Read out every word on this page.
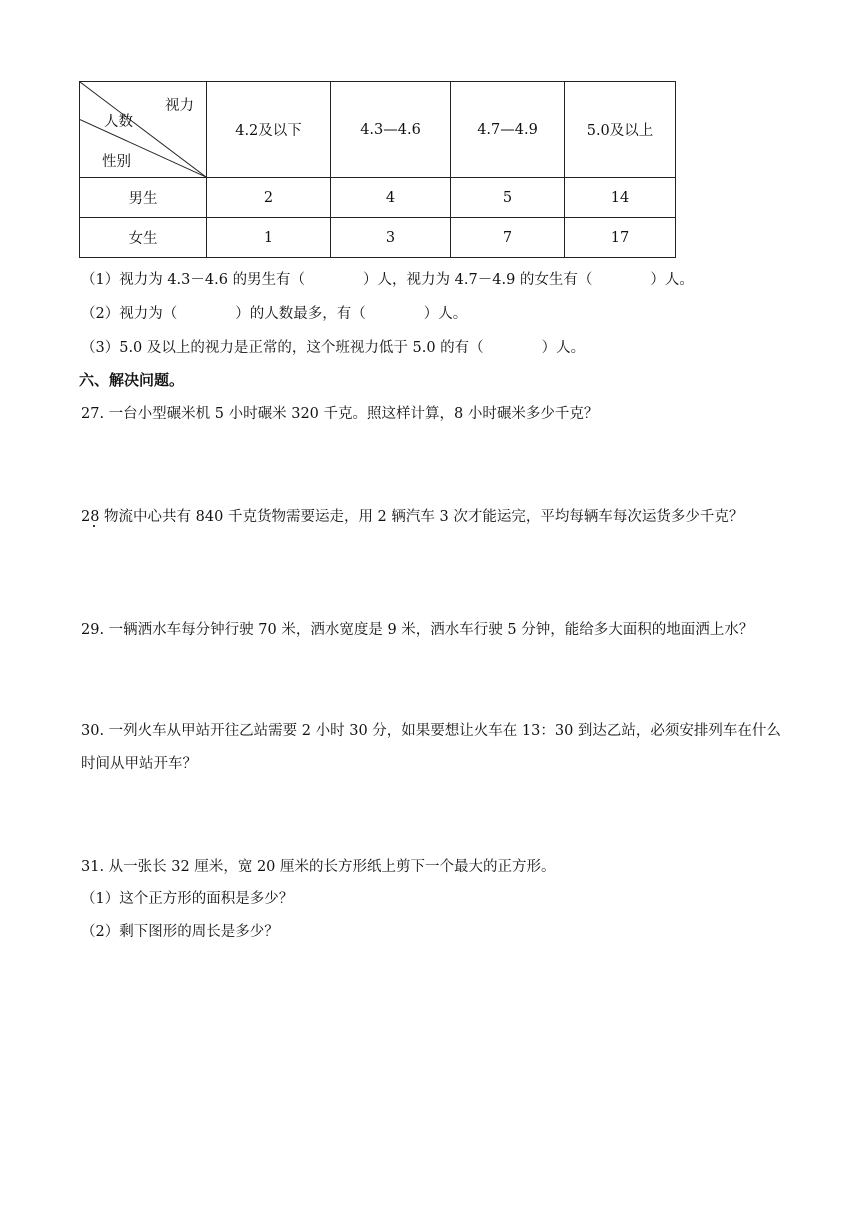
视力
人数
性别	4.2及以下	4.3—4.6	4.7—4.9	5.0及以上
男生	2	4	5	14
女生	1	3	7	17
（1）视力为 4.3－4.6 的男生有（　　　　）人，视力为 4.7－4.9 的女生有（　　　　）人。
（2）视力为（　　　　）的人数最多，有（　　　　）人。
（3）5.0 及以上的视力是正常的，这个班视力低于 5.0 的有（　　　　）人。
六、解决问题。
27. 一台小型碾米机 5 小时碾米 320 千克。照这样计算，8 小时碾米多少千克？
28 物流中心共有 840 千克货物需要运走，用 2 辆汽车 3 次才能运完，平均每辆车每次运货多少千克？
29. 一辆洒水车每分钟行驶 70 米，洒水宽度是 9 米，洒水车行驶 5 分钟，能给多大面积的地面洒上水？
30. 一列火车从甲站开往乙站需要 2 小时 30 分，如果要想让火车在 13：30 到达乙站，必须安排列车在什么
时间从甲站开车？
31. 从一张长 32 厘米，宽 20 厘米的长方形纸上剪下一个最大的正方形。
（1）这个正方形的面积是多少？
（2）剩下图形的周长是多少？
